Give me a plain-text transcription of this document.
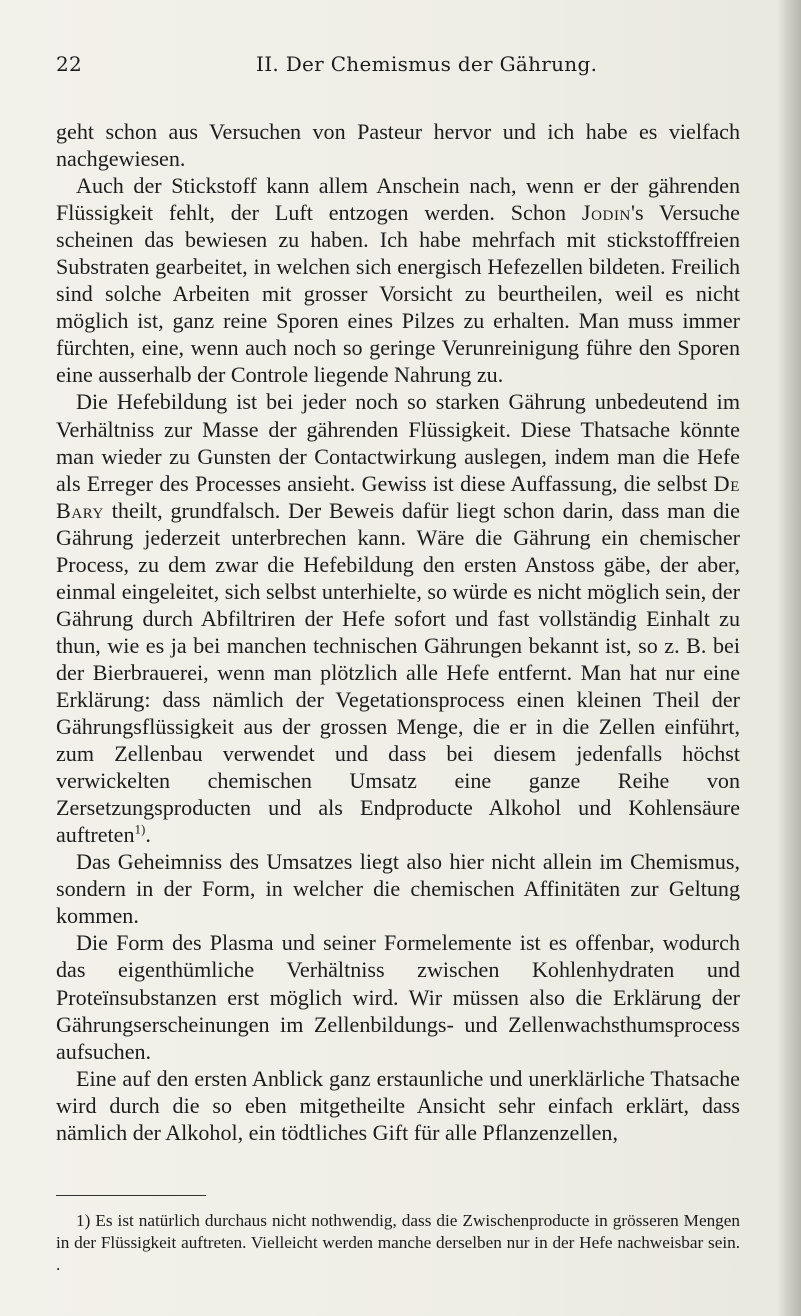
22	II. Der Chemismus der Gährung.

geht schon aus Versuchen von Pasteur hervor und ich habe es vielfach nachgewiesen.

Auch der Stickstoff kann allem Anschein nach, wenn er der gährenden Flüssigkeit fehlt, der Luft entzogen werden. Schon Jodin's Versuche scheinen das bewiesen zu haben. Ich habe mehrfach mit stickstofffreien Substraten gearbeitet, in welchen sich energisch Hefezellen bildeten. Freilich sind solche Arbeiten mit grosser Vorsicht zu beurtheilen, weil es nicht möglich ist, ganz reine Sporen eines Pilzes zu erhalten. Man muss immer fürchten, eine, wenn auch noch so geringe Verunreinigung führe den Sporen eine ausserhalb der Controle liegende Nahrung zu.

Die Hefebildung ist bei jeder noch so starken Gährung unbedeutend im Verhältniss zur Masse der gährenden Flüssigkeit. Diese Thatsache könnte man wieder zu Gunsten der Contactwirkung auslegen, indem man die Hefe als Erreger des Processes ansieht. Gewiss ist diese Auffassung, die selbst De Bary theilt, grundfalsch. Der Beweis dafür liegt schon darin, dass man die Gährung jederzeit unterbrechen kann. Wäre die Gährung ein chemischer Process, zu dem zwar die Hefebildung den ersten Anstoss gäbe, der aber, einmal eingeleitet, sich selbst unterhielte, so würde es nicht möglich sein, der Gährung durch Abfiltriren der Hefe sofort und fast vollständig Einhalt zu thun, wie es ja bei manchen technischen Gährungen bekannt ist, so z. B. bei der Bierbrauerei, wenn man plötzlich alle Hefe entfernt. Man hat nur eine Erklärung: dass nämlich der Vegetationsprocess einen kleinen Theil der Gährungsflüssigkeit aus der grossen Menge, die er in die Zellen einführt, zum Zellenbau verwendet und dass bei diesem jedenfalls höchst verwickelten chemischen Umsatz eine ganze Reihe von Zersetzungsproducten und als Endproducte Alkohol und Kohlensäure auftreten$^{1)}$.

Das Geheimniss des Umsatzes liegt also hier nicht allein im Chemismus, sondern in der Form, in welcher die chemischen Affinitäten zur Geltung kommen.

Die Form des Plasma und seiner Formelemente ist es offenbar, wodurch das eigenthümliche Verhältniss zwischen Kohlenhydraten und Proteïnsubstanzen erst möglich wird. Wir müssen also die Erklärung der Gährungserscheinungen im Zellenbildungs- und Zellenwachsthumsprocess aufsuchen.

Eine auf den ersten Anblick ganz erstaunliche und unerklärliche Thatsache wird durch die so eben mitgetheilte Ansicht sehr einfach erklärt, dass nämlich der Alkohol, ein tödtliches Gift für alle Pflanzenzellen,

1) Es ist natürlich durchaus nicht nothwendig, dass die Zwischenproducte in grösseren Mengen in der Flüssigkeit auftreten. Vielleicht werden manche derselben nur in der Hefe nachweisbar sein. .
